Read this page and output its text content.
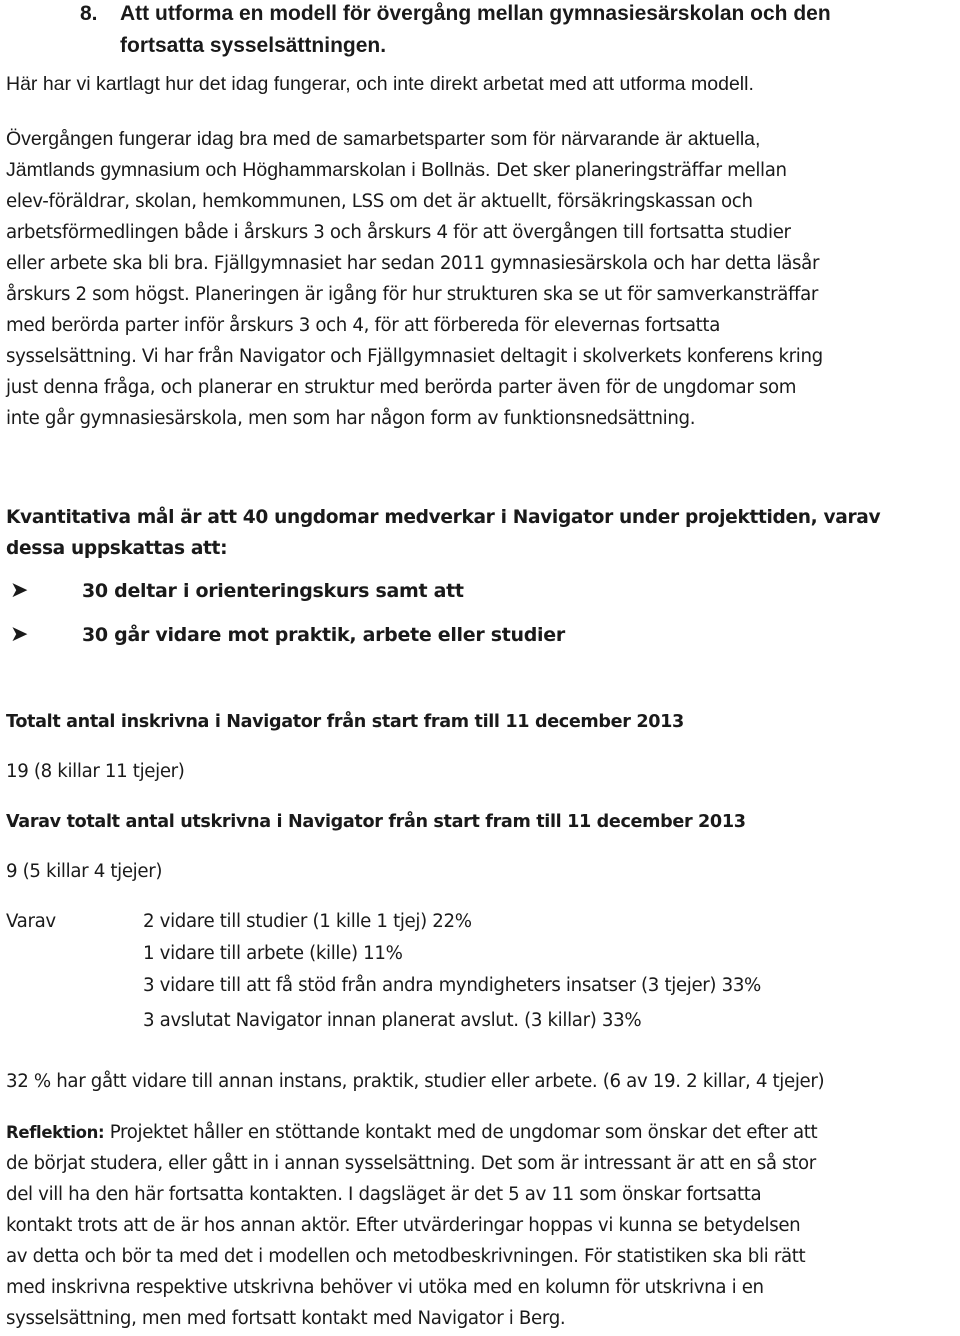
8. Att utforma en modell för övergång mellan gymnasiesärskolan och den
fortsatta sysselsättningen.
Här har vi kartlagt hur det idag fungerar, och inte direkt arbetat med att utforma modell.
Övergången fungerar idag bra med de samarbetsparter som för närvarande är aktuella,
Jämtlands gymnasium och Höghammarskolan i Bollnäs. Det sker planeringsträffar mellan
elev-föräldrar, skolan, hemkommunen, LSS om det är aktuellt, försäkringskassan och
arbetsförmedlingen både i årskurs 3 och årskurs 4 för att övergången till fortsatta studier
eller arbete ska bli bra. Fjällgymnasiet har sedan 2011 gymnasiesärskola och har detta läsår
årskurs 2 som högst. Planeringen är igång för hur strukturen ska se ut för samverkansträffar
med berörda parter inför årskurs 3 och 4, för att förbereda för elevernas fortsatta
sysselsättning. Vi har från Navigator och Fjällgymnasiet deltagit i skolverkets konferens kring
just denna fråga, och planerar en struktur med berörda parter även för de ungdomar som
inte går gymnasiesärskola, men som har någon form av funktionsnedsättning.
Kvantitativa mål är att 40 ungdomar medverkar i Navigator under projekttiden, varav
dessa uppskattas att:
➤	30 deltar i orienteringskurs samt att
➤	30 går vidare mot praktik, arbete eller studier
Totalt antal inskrivna i Navigator från start fram till 11 december 2013
19 (8 killar 11 tjejer)
Varav totalt antal utskrivna i Navigator från start fram till 11 december 2013
9 (5 killar 4 tjejer)
Varav	2 vidare till studier (1 kille 1 tjej) 22%
1 vidare till arbete (kille) 11%
3 vidare till att få stöd från andra myndigheters insatser (3 tjejer) 33%
3 avslutat Navigator innan planerat avslut. (3 killar) 33%
32 % har gått vidare till annan instans, praktik, studier eller arbete. (6 av 19. 2 killar, 4 tjejer)
Reflektion: Projektet håller en stöttande kontakt med de ungdomar som önskar det efter att
de börjat studera, eller gått in i annan sysselsättning. Det som är intressant är att en så stor
del vill ha den här fortsatta kontakten. I dagsläget är det 5 av 11 som önskar fortsatta
kontakt trots att de är hos annan aktör. Efter utvärderingar hoppas vi kunna se betydelsen
av detta och bör ta med det i modellen och metodbeskrivningen. För statistiken ska bli rätt
med inskrivna respektive utskrivna behöver vi utöka med en kolumn för utskrivna i en
sysselsättning, men med fortsatt kontakt med Navigator i Berg.
